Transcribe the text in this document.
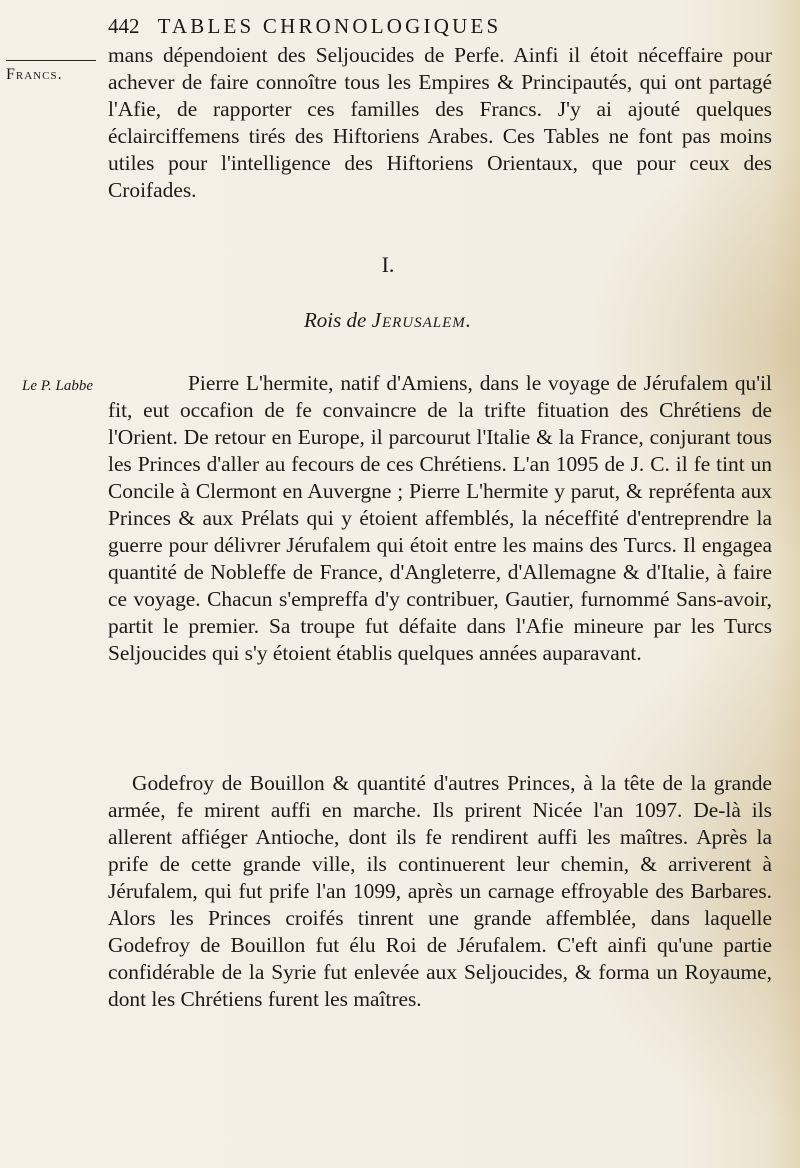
442 TABLES CHRONOLOGIQUES
Francs.

mans dépendoient des Seljoucides de Perfe. Ainfi il étoit néceffaire pour achever de faire connoître tous les Empires & Principautés, qui ont partagé l'Afie, de rapporter ces familles des Francs. J'y ai ajouté quelques éclairciffemens tirés des Hiftoriens Arabes. Ces Tables ne font pas moins utiles pour l'intelligence des Hiftoriens Orientaux, que pour ceux des Croifades.

I.
Rois de Jerusalem.
Le P. Labbe	Pierre L'hermite, natif d'Amiens, dans le voyage de Jérufalem qu'il fit, eut occafion de fe convaincre de la trifte fituation des Chrétiens de l'Orient. De retour en Europe, il parcourut l'Italie & la France, conjurant tous les Princes d'aller au fecours de ces Chrétiens. L'an 1095 de J. C. il fe tint un Concile à Clermont en Auvergne ; Pierre L'hermite y parut, & repréfenta aux Princes & aux Prélats qui y étoient affemblés, la néceffité d'entreprendre la guerre pour délivrer Jérufalem qui étoit entre les mains des Turcs. Il engagea quantité de Nobleffe de France, d'Angleterre, d'Allemagne & d'Italie, à faire ce voyage. Chacun s'empreffa d'y contribuer, Gautier, furnommé Sans-avoir, partit le premier. Sa troupe fut défaite dans l'Afie mineure par les Turcs Seljoucides qui s'y étoient établis quelques années auparavant.

Godefroy de Bouillon & quantité d'autres Princes, à la tête de la grande armée, fe mirent auffi en marche. Ils prirent Nicée l'an 1097. De-là ils allerent affiéger Antioche, dont ils fe rendirent auffi les maîtres. Après la prife de cette grande ville, ils continuerent leur chemin, & arriverent à Jérufalem, qui fut prife l'an 1099, après un carnage effroyable des Barbares. Alors les Princes croifés tinrent une grande affemblée, dans laquelle Godefroy de Bouillon fut élu Roi de Jérufalem. C'eft ainfi qu'une partie confidérable de la Syrie fut enlevée aux Seljoucides, & forma un Royaume, dont les Chrétiens furent les maîtres.
